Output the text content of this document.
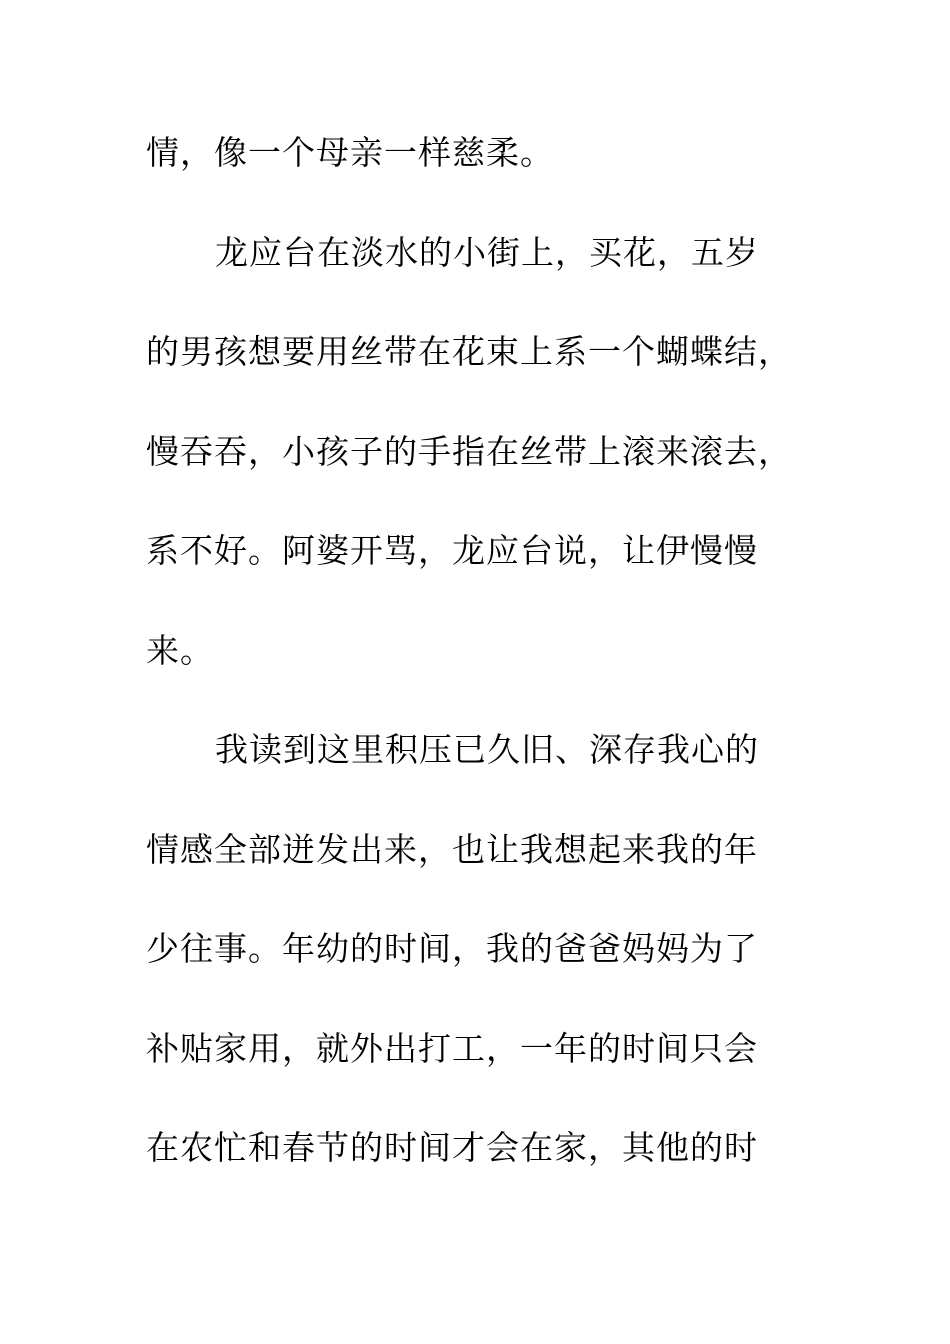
情，像一个母亲一样慈柔。
龙应台在淡水的小街上，买花，五岁
的男孩想要用丝带在花束上系一个蝴蝶结，
慢吞吞，小孩子的手指在丝带上滚来滚去，
系不好。阿婆开骂，龙应台说，让伊慢慢
来。
我读到这里积压已久旧、深存我心的
情感全部迸发出来，也让我想起来我的年
少往事。年幼的时间，我的爸爸妈妈为了
补贴家用，就外出打工，一年的时间只会
在农忙和春节的时间才会在家，其他的时
